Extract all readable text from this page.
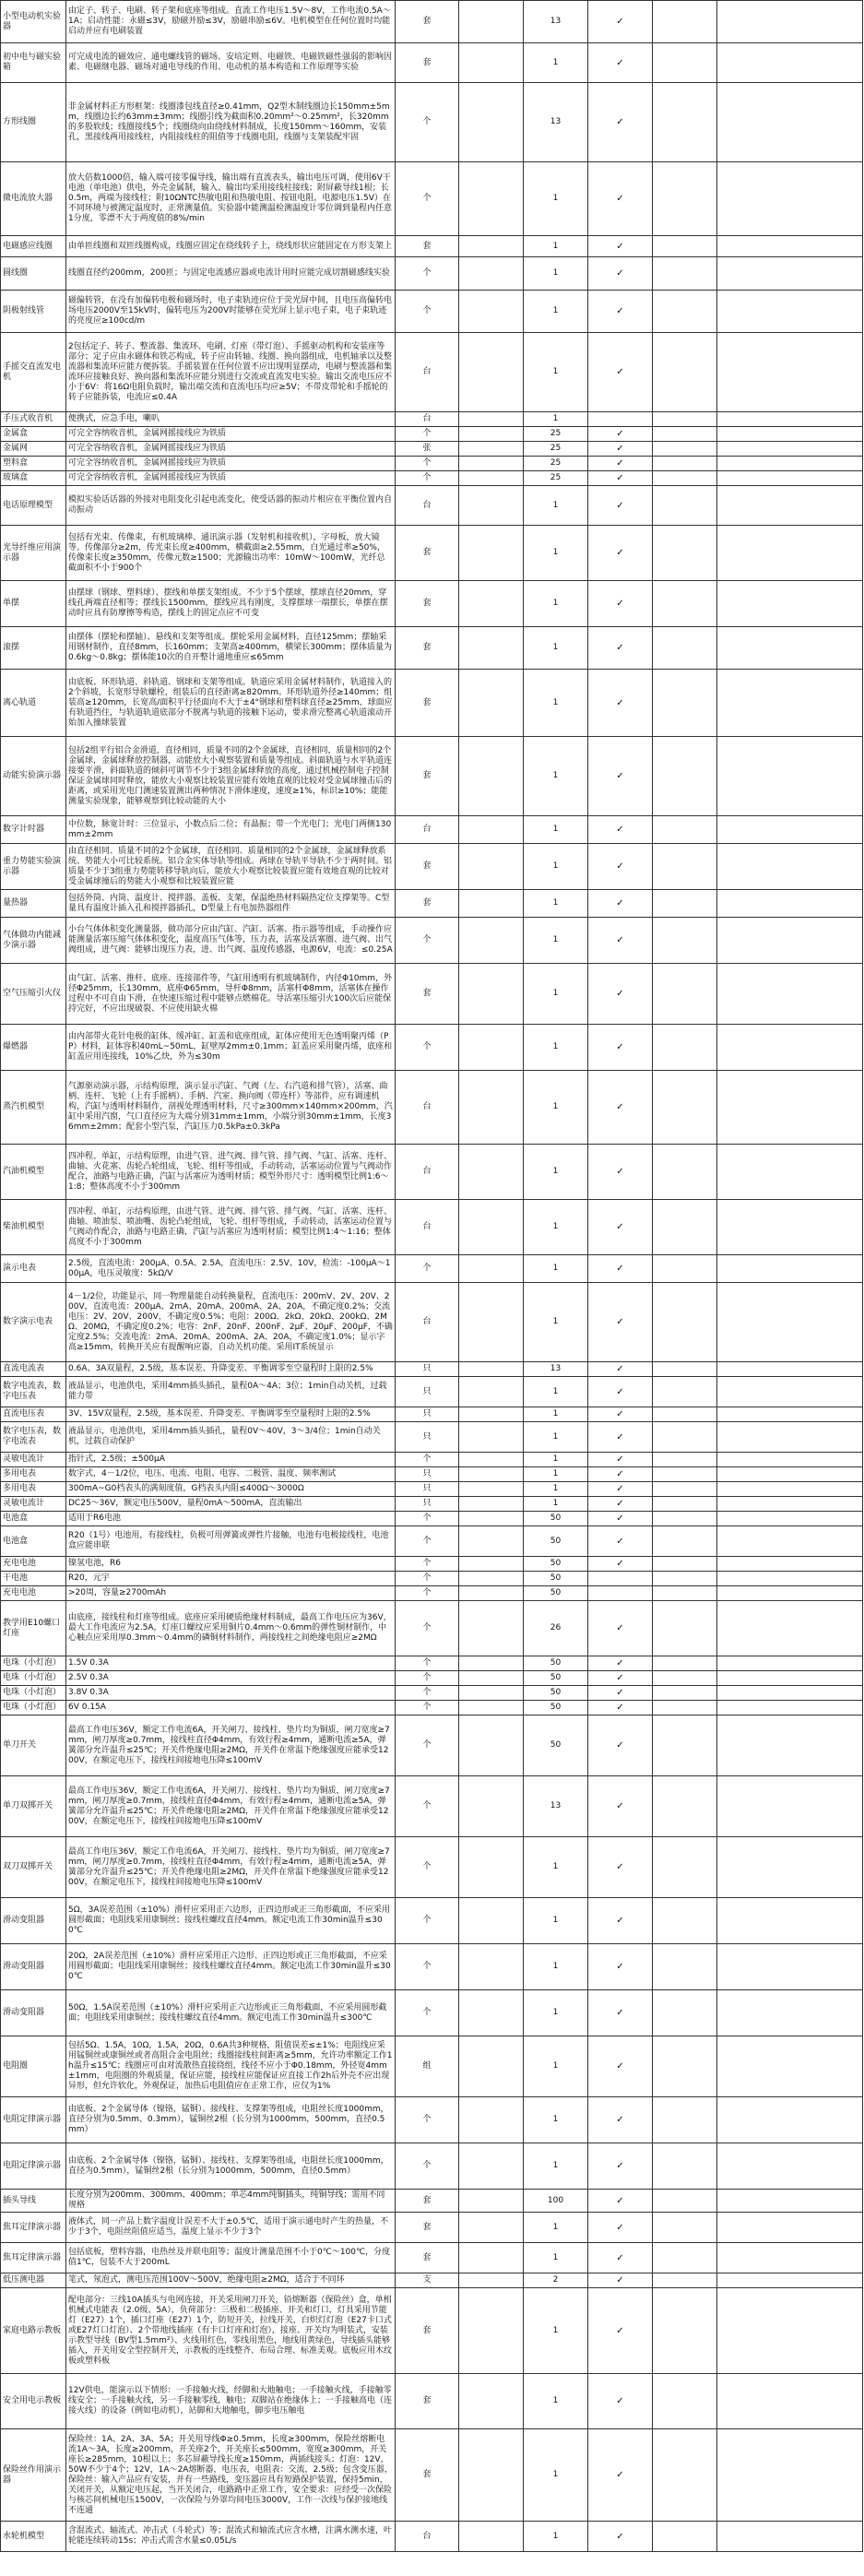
小型电动机实验器	由定子、转子、电刷、转子架和底座等组成。直流工作电压1.5V～8V，工作电流0.5A～1A；启动性能：永磁≤3V，励磁并励≤3V，励磁串励≤6V。电机模型在任何位置时均能启动并应有电刷装置	套		13	✓		
初中电与磁实验箱	可完成电流的磁效应、通电螺线管的磁场、安培定则、电磁铁、电磁铁磁性强弱的影响因素、电磁继电器、磁场对通电导线的作用、电动机的基本构造和工作原理等实验	套		1	✓		
方形线圈	非金属材料正方形框架：线圈漆包线直径≥0.41mm，Q2型木制线圈边长150mm±5mm，线圈边长约63mm±3mm；线圈引线为截面积0.20mm²～0.25mm²，长320mm的多股软线；线圈接线5个；线圈绕向由绕线材料制成，长度150mm～160mm，安装孔，黑接线两用接线柱，内阻接线柱的阻值等于线圈电阻，线圈与支架装配牢固	个		13	✓		
微电流放大器	放大倍数1000倍，输入端可接零偏导线，输出端有直流表头，输出电压可调，使用6V干电池（单电池）供电，外壳金属制，输入、输出均采用接线柱接线；附屏蔽导线1根；长0.5m，两端为接线柱；附10ΩNTC热敏电阻和热敏电阻、按钮电阻，电源电压1.5V）在不同环境与被测定温度时，正常测量值。实验器中能测温检测温度计零位调到量程内任意1分度，零漂不大于两度值的8%/min	个		1	✓		
电磁感应线圈	由单匝线圈和双匝线圈构成，线圈应固定在绕线转子上，绕线形状应能固定在方形支架上	套		1	✓		
圆线圈	线圈直径约200mm，200匝；与固定电流感应器或电流计用时应能完成切割磁感线实验	个		1	✓		
阴极射线管	磁偏转管，在没有加偏转电极和磁场时，电子束轨迹应位于荧光屏中间，且电压高偏转电场电压2000V至15kV时，偏转电压为200V时能够在荧光屏上显示电子束，电子束轨迹的亮度应≥100cd/m	个		1	✓		
手摇交直流发电机	2包括定子、转子、整流器、集流环、电刷、灯座（带灯泡）、手摇驱动机构和安装座等部分；定子应由永磁体和铁芯构成，转子应由转轴、线圈、换向器组成，电机轴承以及整流器和集流环应能方便拆装。手摇装置在任何位置不应出现明显摆动，电刷与整流器和集流环应接触良好、换向器和集流环应能分别进行交流或直流发电实验。输出交流电压应不小于6V：将16Ω电阻负载时，输出端交流和直流电压均应≥5V；不带皮带轮和手摇轮的转子应能拆装，电流应≤0.4A	台		1	✓		
手压式收音机	便携式，应急手电，喇叭	台		1			
金属盒	可完全容纳收音机，金属网摇接线应为铁质	个		25	✓		
金属网	可完全容纳收音机，金属网摇接线应为铁质	张		25	✓		
塑料盒	可完全容纳收音机，金属网摇接线应为铁质	个		25	✓		
玻璃盒	可完全容纳收音机，金属网摇接线应为铁质	个		25	✓		
电话原理模型	模拟实验话话器的外接对电阻变化引起电流变化，使受话器的振动片相应在平衡位置内自动振动	台		1	✓		
光导纤维应用演示器	包括有光束、传像束，有机玻璃棒、通讯演示器（发射机和接收机），字母板，放大镜等。传像部分≥2m，传光束长度≥400mm，横截面≥2.55mm，白光通过率≥50%，传像束长度≥350mm，传像元数≥1500；光源输出功率：10mW～100mW，光纤总截面积不小于900个	套		1	✓		
单摆	由摆球（钢球、塑料球）、摆线和单摆支架组成。不少于5个摆球，摆球直径20mm，穿线孔两端直径相等；摆线长1500mm，摆线应具有刚度，支撑摆球一端摆长，单摆在摆动时应具有防摩擦等构造，摆线上的固定点应不可变	套		1	✓		
滚摆	由摆体（摆轮和摆轴）、悬线和支架等组成。摆轮采用金属材料，直径125mm；摆轴采用钢材制作，直径8mm，长160mm；支架高≥400mm，横梁长300mm；摆体质量为0.6kg～0.8kg；摆体能10次的自开整计通地重应≤65mm	套		1	✓		
离心轨道	由底板、环形轨道、斜轨道、钢球和支架等组成。轨道应采用金属材料制作，轨道接入的2个斜坡，长宽形导轨螺栓，组装后的直径距离≥820mm。环形轨道外径≥140mm；组装高≥120mm，长宽高/面积平行径面向不大于±4°钢球和塑料球直径≥25mm，球面应有轨道挡住，与轨道轨道底部分不脱离与轨道的接触下运动，要求滑完整离心轨道滚动开始加入撞球装置	套		1	✓		
动能实验演示器	包括2组平行铝合金滑道，直径相同，质量不同的2个金属球，直径相同，质量相同的2个金属球，金属球释放控制器，动能放大小观察装置和质量等组成。斜面轨道与水平轨道连接要平滑，斜面轨道的倾斜可调节不少于3组金属球释放的高度，通过机械控制电子控制保证金属球同时释放，能放大小观察比较装置应能有效地直观的比较对受金属球撞击后的距离，或采用光电门测速装置测出两种情况下滑体速度，速度≥1%，标识≥10%；能能测量实验现象，能够观察到比较动能的大小	套		1	✓		
数字计时器	中位数，脉宽计时：三位显示，小数点后二位；有晶振；带一个光电门；光电门两侧130mm±2mm	台		1	✓		
重力势能实验演示器	由直径相同、质量不同的2个金属球，直径相同、质量相同的2个金属球，金属球释放系统、势能大小可比较系统。铝合金实体导轨等组成。两球在导轨平导轨不少于两时间。铝质量不少于3组重力势能转移导轨向后，能放大小观察比较装置应能有效地直观的比较对受金属球撞后的势能大小观察和比较装置应能	套		1	✓		
量热器	包括外筒、内筒、温度计、搅拌器、盖板、支架，保温绝热材料隔热定位支撑架等。C型量具有温度计插入孔和搅拌器插孔，D型量上有电加热器组件	套		1	✓		
气体做功内能减少演示器	小台气体体积变化测量器，做功部分应由汽缸、汽缸、活塞、指示器等组成，手动操作应能测量活塞压缩气体体积变化，温度高压气体等，压力表，活塞及活塞圈、进气阀、出气阀组成，进气阀：能够出现压力表，进、出气阀、温度传感器，电源6V，电流：≤0.25A	个		1	✓		
空气压缩引火仪	由气缸、活塞、推杆、底座、连接部件等，气缸用透明有机玻璃制作，内径Φ10mm，外径Φ25mm，长130mm，底座Φ65mm，导杆Φ8mm，活塞杆Φ8mm，活塞体在操作过程中不可自由下滑，在快速压缩过程中能够点燃棉花。导活塞压缩引火100次后应能保持完好，不应出现破裂、不应使用缺火棉	套		1	✓		
爆燃器	由内部带火花针电极的缸体、缓冲缸、缸盖和底座组成，缸体应使用无色透明聚丙烯（PP）材料，缸体容积40mL~50mL，缸壁厚2mm±0.1mm；缸盖应采用聚丙烯，底座和缸盖应用连接线，10%乙炔，外为≤30m	个		1	✓		
蒸汽机模型	气源驱动演示器，示结构原理，演示显示汽缸、气阀（左、右汽道和排气管），活塞、曲柄、连杆、飞轮（上有手摇柄）、手柄、汽室、换向阀（带连杆）等部件，应有调速机构，汽缸与透明材料制作，剖视处理透明材料，尺寸≥300mm×140mm×200mm，汽缸中采用汽窗，气口直径应为大端分别31mm±1mm，小端分别30mm±1mm，长度36mm±2mm；配套小型汽泵，汽缸压力0.5kPa±0.3kPa	台		1	✓		
汽油机模型	四冲程、单缸，示结构原理，由进气管、进气阀、排气管、排气阀、气缸、活塞、连杆、曲轴、火花塞、齿轮凸轮组成，飞轮、组杆等组成，手动转动，活塞运动位置与气阀动作配合，油路与电路正确，汽缸与活塞应为透明材质；模型外形尺寸：透明模型比例1:6～1:8；整体高度不小于300mm	台		1	✓		
柴油机模型	四冲程、单缸，示结构原理，由进气管、进气阀、排气管、排气阀、气缸、活塞、连杆、曲轴、喷油泵、喷油嘴、齿轮凸轮组成，飞轮、组杆等组成，手动转动，活塞运动位置与气阀动作配合，油路与电路正确，汽缸与活塞应为透明材质；模型比例1:4～1:16；整体高度不小于300mm	台		1	✓		
演示电表	2.5级，直流电流：200μA、0.5A、2.5A，直流电压：2.5V、10V，检流：-100μA～100μA，电压灵敏度：5kΩ/V	个		1	✓		
数字演示电表	4－1/2位，功能显示，同一物理量能自动转换量程，直流电压：200mV、2V、20V、200V，直流电流：200μA、2mA、20mA、200mA、2A、20A，不确定度0.2%；交流电压：2V、20V、200V，不确定度0.5%；电阻：200Ω、2kΩ、20kΩ、200kΩ、2MΩ、20MΩ，不确定度0.2%；电容：2nF、20nF、200nF、2μF、20μF、200μF，不确定度2.5%；交流电流：2mA、20mA、200mA、2A、20A，不确定度1.0%；显示字高≥15mm，转换开关应有提醒响应器，自动关机功能。采用IT系统显示	台		1	✓		
直流电流表	0.6A、3A双量程，2.5级，基本误差、升降变差、平衡调零至空量程时上限的2.5%	只		13	✓		
数字电流表，数字电压表	液晶显示，电池供电，采用4mm插头插孔，量程0A～4A；3位；1min自动关机，过载能力带	只		1	✓		
直流电压表	3V、15V双量程，2.5级，基本误差、升降变差、平衡调零至空量程时上限的2.5%	只		1	✓		
数字电压表，数字电流表	液晶显示，电池供电，采用4mm插头插孔，量程0V～40V，3～3/4位；1min自动关机，过载自动保护	只		1	✓		
灵敏电流计	指针式，2.5级；±500μA	个		1	✓		
多用电表	数字式，4－1/2位，电压、电流、电阻、电容、二极管、温度、频率测试	只		1	✓		
多用电表	300mA~G0档表头的满刻度值，G档表头内阻≤400Ω～3000Ω	只		1	✓		
灵敏电流计	DC25～36V，额定电压500V，量程0mA～500mA，直流输出	只		1	✓		
电池盒	适用于R6电池	个		50	✓		
电池盒	R20（1号）电池用，有接线柱，负极可用弹簧或弹性片接触，电池有电极接线柱，电池盒应能串联	个		50	✓		
充电电池	镍氢电池，R6	个		50	✓		
干电池	R20，元宇	个		50			
充电电池	>20周，容量≥2700mAh	个		50			
教学用E10螺口灯座	由底座，接线柱和灯座等组成。底座应采用硬质绝缘材料制成，最高工作电压应为36V，最大工作电流应为2.5A，灯座口螺纹应采用铜片0.4mm～0.6mm的弹性铜材制作，中心触点应采用厚0.3mm～0.4mm的磷铜材料制作，两接线柱之间绝缘电阻应≥2MΩ	个		26	✓		
电珠（小灯泡）	1.5V 0.3A	个		50	✓		
电珠（小灯泡）	2.5V 0.3A	个		50	✓		
电珠（小灯泡）	3.8V 0.3A	个		50	✓		
电珠（小灯泡）	6V 0.15A	个		50	✓		
单刀开关	最高工作电压36V，额定工作电流6A，开关闸刀、接线柱、垫片均为铜质，闸刀宽度≥7mm，闸刀厚度≥0.7mm，接线柱直径Φ4mm，有效行程≥4mm，通断电流≥5A，弹簧部分允许温升≤25℃；开关件绝缘电阻≥2MΩ，开关件在常温下绝缘强度应能承受1200V，在额定电压下，接线柱间接地电压降≤100mV	个		50	✓		
单刀双掷开关	最高工作电压36V，额定工作电流6A，开关闸刀、接线柱、垫片均为铜质，闸刀宽度≥7mm，闸刀厚度≥0.7mm，接线柱直径Φ4mm，有效行程≥4mm，通断电流≥5A，弹簧部分允许温升≤25℃；开关件绝缘电阻≥2MΩ，开关件在常温下绝缘强度应能承受1200V，在额定电压下，接线柱间接地电压降≤100mV	个		13	✓		
双刀双掷开关	最高工作电压36V，额定工作电流6A，开关闸刀、接线柱、垫片均为铜质，闸刀宽度≥7mm，闸刀厚度≥0.7mm，接线柱直径Φ4mm，有效行程≥4mm，通断电流≥5A，弹簧部分允许温升≤25℃；开关件绝缘电阻≥2MΩ，开关件在常温下绝缘强度应能承受1200V，在额定电压下，接线柱间接地电压降≤100mV	个		1	✓		
滑动变阻器	5Ω，3A误差范围（±10%）滑杆应采用正六边形，正四边形或正三角形截面，不应采用圆形截面；电阻线采用康铜丝；接线柱螺纹直径4mm。额定电流工作30min温升≤300℃	个		1	✓		
滑动变阻器	20Ω，2A误差范围（±10%）滑杆应采用正六边形、正四边形或正三角形截面，不应采用圆形截面；电阻线采用康铜丝；接线柱螺纹直径4mm。额定电流工作30min温升≤300℃	个		1	✓		
滑动变阻器	50Ω，1.5A误差范围（±10%）滑杆应采用正六边形或正三角形截面，不应采用圆形截面；电阻线采用康铜丝；接线柱螺纹直径4mm。额定电流工作30min温升≤300℃	个		1	✓		
电阻圈	包括5Ω、1.5A，10Ω，1.5A，20Ω，0.6A共3种规格，阻值误差≤±1%；电阻线应采用锰铜丝或康铜丝或者高阻合金电阻丝；线圈接线柱间距离≥5mm，允许功率额定工作1h温升≤15℃；线圈应可由对流散热直接绕组，线径不应小于Φ0.18mm，外径宽4mm±1mm，电阻圈的外观质量，保证应能，接线柱应能保证应直接工作2h后外壳不应出现异形，但允许软化，外观保证，加热后电阻值应在正常工作，应仅为1%	组		1	✓		
电阻定律演示器	由底板、2个金属导体（镍铬，锰铜）、接线柱、支撑架等组成，电阻丝长度1000mm，直径分别为0.5mm、0.3mm），锰铜丝2根（长分别为1000mm，500mm，直径0.5mm）	个		1	✓		
电阻定律演示器	由底板、2个金属导体（镍铬，锰铜）、接线柱、支撑架等组成，电阻丝长度1000mm，直径为0.5mm），锰铜丝2根（长分别为1000mm，500mm，直径0.5mm）	个		1	✓		
插头导线	长度分别为200mm、300mm、400mm；单芯4mm纯铜插头，纯铜导线；需用不同规格	套		100	✓		
焦耳定律演示器	液体式，同一产品上数字温度计误差不大于±0.5℃，适用于演示通电时产生的热量，不少于3个，电阻丝阻值应适当，温度上显示不少于3个	套		1	✓		
焦耳定律演示器	包括底板，塑料容器，电热丝及并联电阻等；温度计测量范围不小于0℃～100℃，分度值1℃，包装不大于200mL	套		1	✓		
低压测电器	笔式，氖泡式，测电压范围100V～500V，绝缘电阻≥2MΩ，适合于不同环	支		2	✓		
家庭电路示教板	配电部分：三线10A插头与电网连接，开关采用闸刀开关，铅熔断器（保险丝）盒，单相机械式电能表（2.0级、5A），负荷部分：三极和二极插座、开关和灯口，灯具采用节能灯（E27）1个，插口灯座（E27）1个，防短开关，拉线开关，白炽灯灯泡（E27卡口式或E27灯口灯泡）、2个带地线插座（有卡口灯座和灯泡），接座、开关均为明装式，安装示教型导线（BV型1.5mm²）、火线用红色，零线用黑色，地线用黄绿色，导线插头能够插入，开关用安全型控制开关，示教板的连线整齐、布局合理、标准美观。底板应用木纹板或塑料板	套		1	✓		
安全用电示教板	12V供电，能演示以下情形：一手接触火线，经脚和大地触电；一手接触火线，手接触零线安全；一手接触火线，另一手接触零线，触电；双脚站在绝缘体上；一手接触高电（连接火线）的设备（例如电动机），站脚和大地触电，脚步电压触电	套		1	✓		
保险丝作用演示器	保险丝：1A、2A、3A、5A；开关用导线Φ≥0.5mm，长度≥300mm，保险丝熔断电流1A～3A，长度≥200mm，开关座2个，开关座长≤500mm，宽度≥300mm，开关座长≥285mm，10根以上；多芯屏蔽导线长度≥150mm，两插线接头；灯泡：12V，50W不少于4个；12V，1A～2A熔断器，电压表，电阻表：交流，2.5级；包含变压器，保险丝：输入产品应有安装，并有一些路线，变压器应具有短路保护装置，保持5min，关闭开关，从额定电压起，当开关闭合，电路路中正常工作，安全要求：应经受一次保险与核芯间机械电压1500V，一次保险与外罩均间电压3000V，工作一次线与保护接地线不连通	套		1	✓		
水轮机模型	含混流式、轴流式、冲击式（斗轮式）等；混流式和轴流式应含水槽，注满水测水速，叶轮能连续转动15s；冲击式需含水量≤0.05L/s	台		1	✓		
